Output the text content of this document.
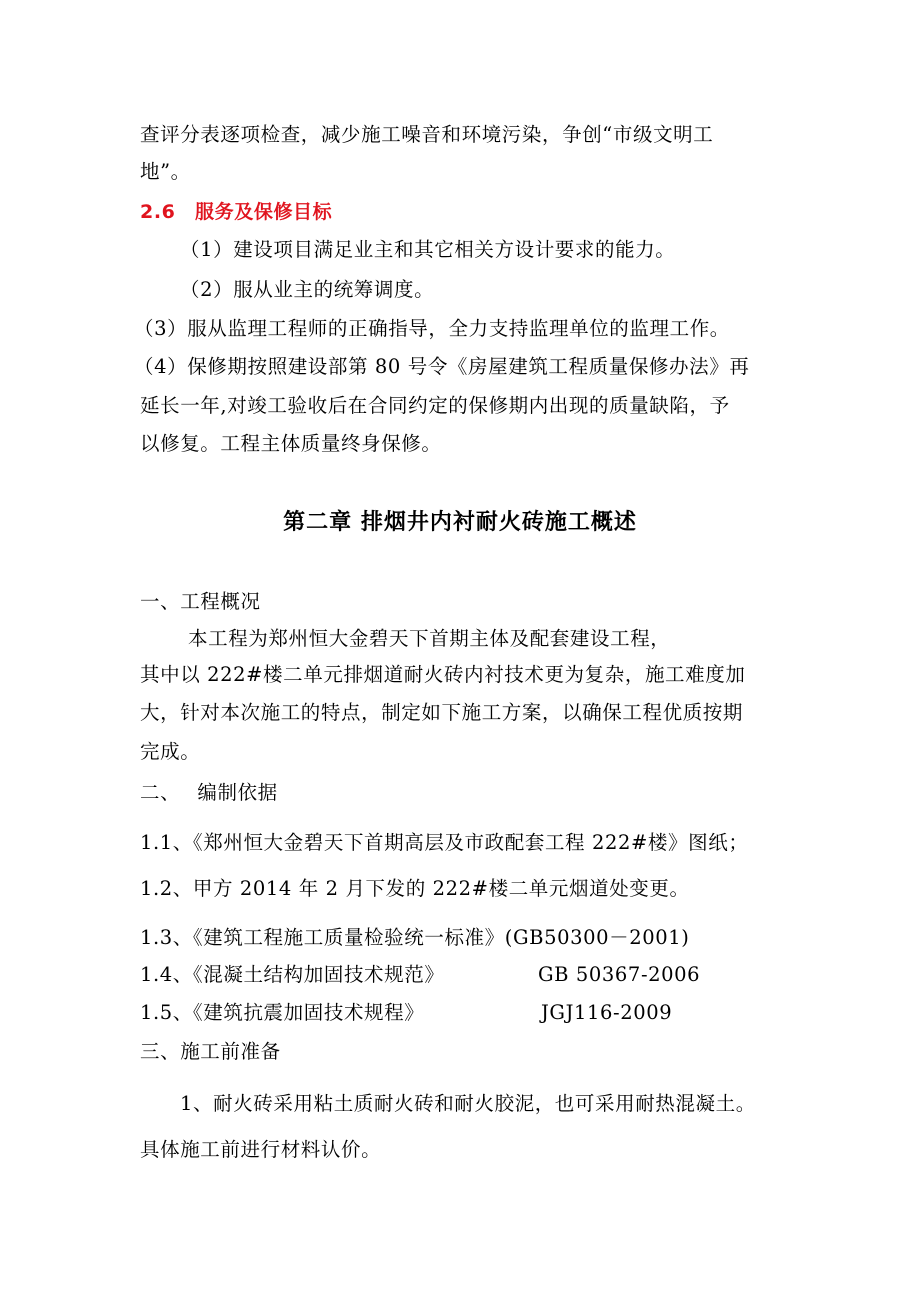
查评分表逐项检查，减少施工噪音和环境污染，争创“市级文明工
地”。
2.6　服务及保修目标
（1）建设项目满足业主和其它相关方设计要求的能力。
（2）服从业主的统筹调度。
（3）服从监理工程师的正确指导，全力支持监理单位的监理工作。
（4）保修期按照建设部第 80 号令《房屋建筑工程质量保修办法》再
延长一年,对竣工验收后在合同约定的保修期内出现的质量缺陷，予
以修复。工程主体质量终身保修。
第二章 排烟井内衬耐火砖施工概述
一、工程概况
本工程为郑州恒大金碧天下首期主体及配套建设工程，
其中以 222#楼二单元排烟道耐火砖内衬技术更为复杂，施工难度加
大，针对本次施工的特点，制定如下施工方案，以确保工程优质按期
完成。
二、　 编制依据
1.1、《郑州恒大金碧天下首期高层及市政配套工程 222#楼》图纸；
1.2、甲方 2014 年 2 月下发的 222#楼二单元烟道处变更。
1.3、《建筑工程施工质量检验统一标准》(GB50300－2001)
1.4、《混凝土结构加固技术规范》	GB 50367-2006
1.5、《建筑抗震加固技术规程》	JGJ116-2009
三、施工前准备
1、耐火砖采用粘土质耐火砖和耐火胶泥，也可采用耐热混凝土。
具体施工前进行材料认价。
